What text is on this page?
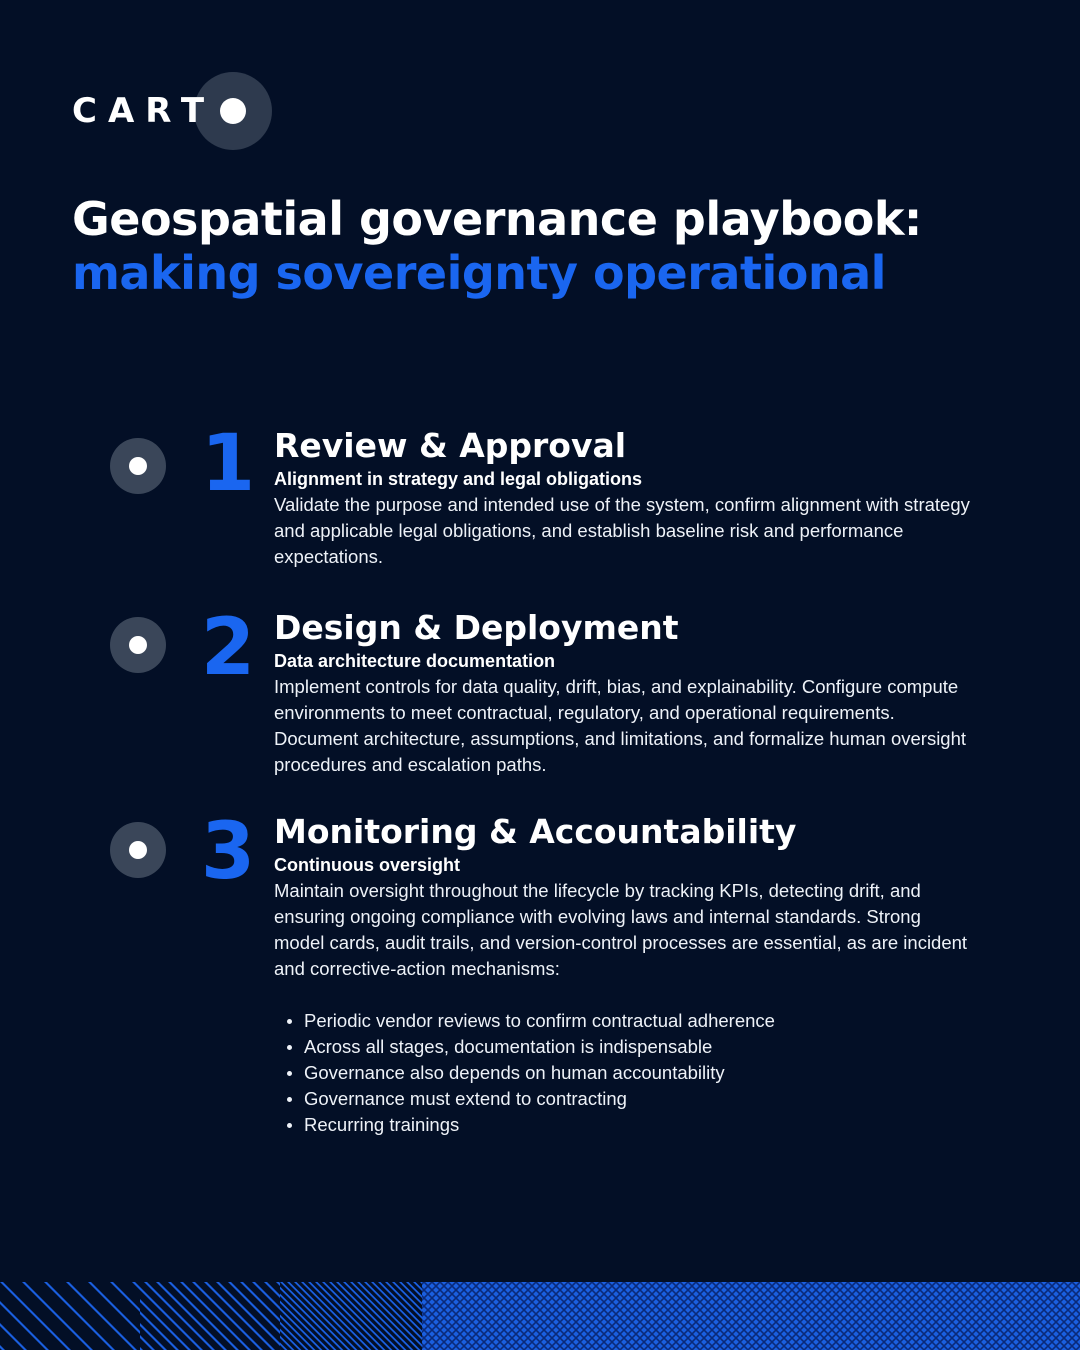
CART
Geospatial governance playbook:
making sovereignty operational
1 Review & Approval
Alignment in strategy and legal obligations
Validate the purpose and intended use of the system, confirm alignment with strategy and applicable legal obligations, and establish baseline risk and performance expectations.
2 Design & Deployment
Data architecture documentation
Implement controls for data quality, drift, bias, and explainability. Configure compute environments to meet contractual, regulatory, and operational requirements. Document architecture, assumptions, and limitations, and formalize human oversight procedures and escalation paths.
3 Monitoring & Accountability
Continuous oversight
Maintain oversight throughout the lifecycle by tracking KPIs, detecting drift, and ensuring ongoing compliance with evolving laws and internal standards. Strong model cards, audit trails, and version-control processes are essential, as are incident and corrective-action mechanisms:
Periodic vendor reviews to confirm contractual adherence
Across all stages, documentation is indispensable
Governance also depends on human accountability
Governance must extend to contracting
Recurring trainings
